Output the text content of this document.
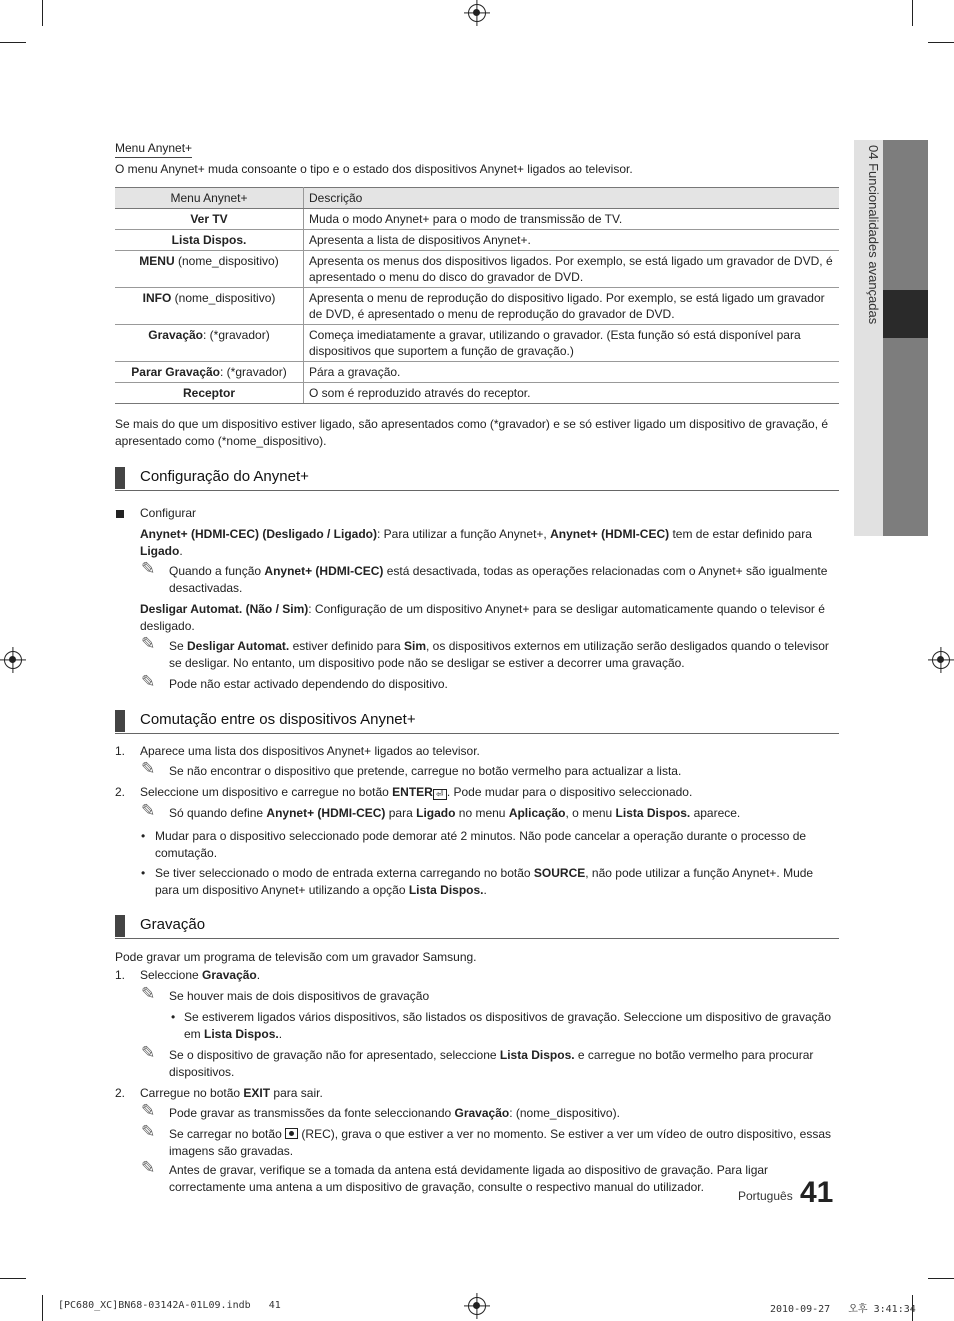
04 Funcionalidades avançadas

Menu Anynet+

O menu Anynet+ muda consoante o tipo e o estado dos dispositivos Anynet+ ligados ao televisor.

Menu Anynet+	Descrição
Ver TV	Muda o modo Anynet+ para o modo de transmissão de TV.
Lista Dispos.	Apresenta a lista de dispositivos Anynet+.
MENU (nome_dispositivo)	Apresenta os menus dos dispositivos ligados. Por exemplo, se está ligado um gravador de DVD, é apresentado o menu do disco do gravador de DVD.
INFO (nome_dispositivo)	Apresenta o menu de reprodução do dispositivo ligado. Por exemplo, se está ligado um gravador de DVD, é apresentado o menu de reprodução do gravador de DVD.
Gravação: (*gravador)	Começa imediatamente a gravar, utilizando o gravador. (Esta função só está disponível para dispositivos que suportem a função de gravação.)
Parar Gravação: (*gravador)	Pára a gravação.
Receptor	O som é reproduzido através do receptor.

Se mais do que um dispositivo estiver ligado, são apresentados como (*gravador) e se só estiver ligado um dispositivo de gravação, é apresentado como (*nome_dispositivo).

Configuração do Anynet+

Configurar

Anynet+ (HDMI-CEC) (Desligado / Ligado): Para utilizar a função Anynet+, Anynet+ (HDMI-CEC) tem de estar definido para Ligado.

✎ Quando a função Anynet+ (HDMI-CEC) está desactivada, todas as operações relacionadas com o Anynet+ são igualmente desactivadas.

Desligar Automat. (Não / Sim): Configuração de um dispositivo Anynet+ para se desligar automaticamente quando o televisor é desligado.

✎ Se Desligar Automat. estiver definido para Sim, os dispositivos externos em utilização serão desligados quando o televisor se desligar. No entanto, um dispositivo pode não se desligar se estiver a decorrer uma gravação.

✎ Pode não estar activado dependendo do dispositivo.

Comutação entre os dispositivos Anynet+

1. Aparece uma lista dos dispositivos Anynet+ ligados ao televisor.

✎ Se não encontrar o dispositivo que pretende, carregue no botão vermelho para actualizar a lista.

2. Seleccione um dispositivo e carregue no botão ENTER ⏎ . Pode mudar para o dispositivo seleccionado.

✎ Só quando define Anynet+ (HDMI-CEC) para Ligado no menu Aplicação, o menu Lista Dispos. aparece.

• Mudar para o dispositivo seleccionado pode demorar até 2 minutos. Não pode cancelar a operação durante o processo de comutação.

• Se tiver seleccionado o modo de entrada externa carregando no botão SOURCE, não pode utilizar a função Anynet+. Mude para um dispositivo Anynet+ utilizando a opção Lista Dispos..

Gravação

Pode gravar um programa de televisão com um gravador Samsung.

1. Seleccione Gravação.

✎ Se houver mais de dois dispositivos de gravação

• Se estiverem ligados vários dispositivos, são listados os dispositivos de gravação. Seleccione um dispositivo de gravação em Lista Dispos..

✎ Se o dispositivo de gravação não for apresentado, seleccione Lista Dispos. e carregue no botão vermelho para procurar dispositivos.

2. Carregue no botão EXIT para sair.

✎ Pode gravar as transmissões da fonte seleccionando Gravação: (nome_dispositivo).

✎ Se carregar no botão  (REC), grava o que estiver a ver no momento. Se estiver a ver um vídeo de outro dispositivo, essas imagens são gravadas.

✎ Antes de gravar, verifique se a tomada da antena está devidamente ligada ao dispositivo de gravação. Para ligar correctamente uma antena a um dispositivo de gravação, consulte o respectivo manual do utilizador.

Português 41
[PC680_XC]BN68-03142A-01L09.indb   41	2010-09-27   오후 3:41:34
